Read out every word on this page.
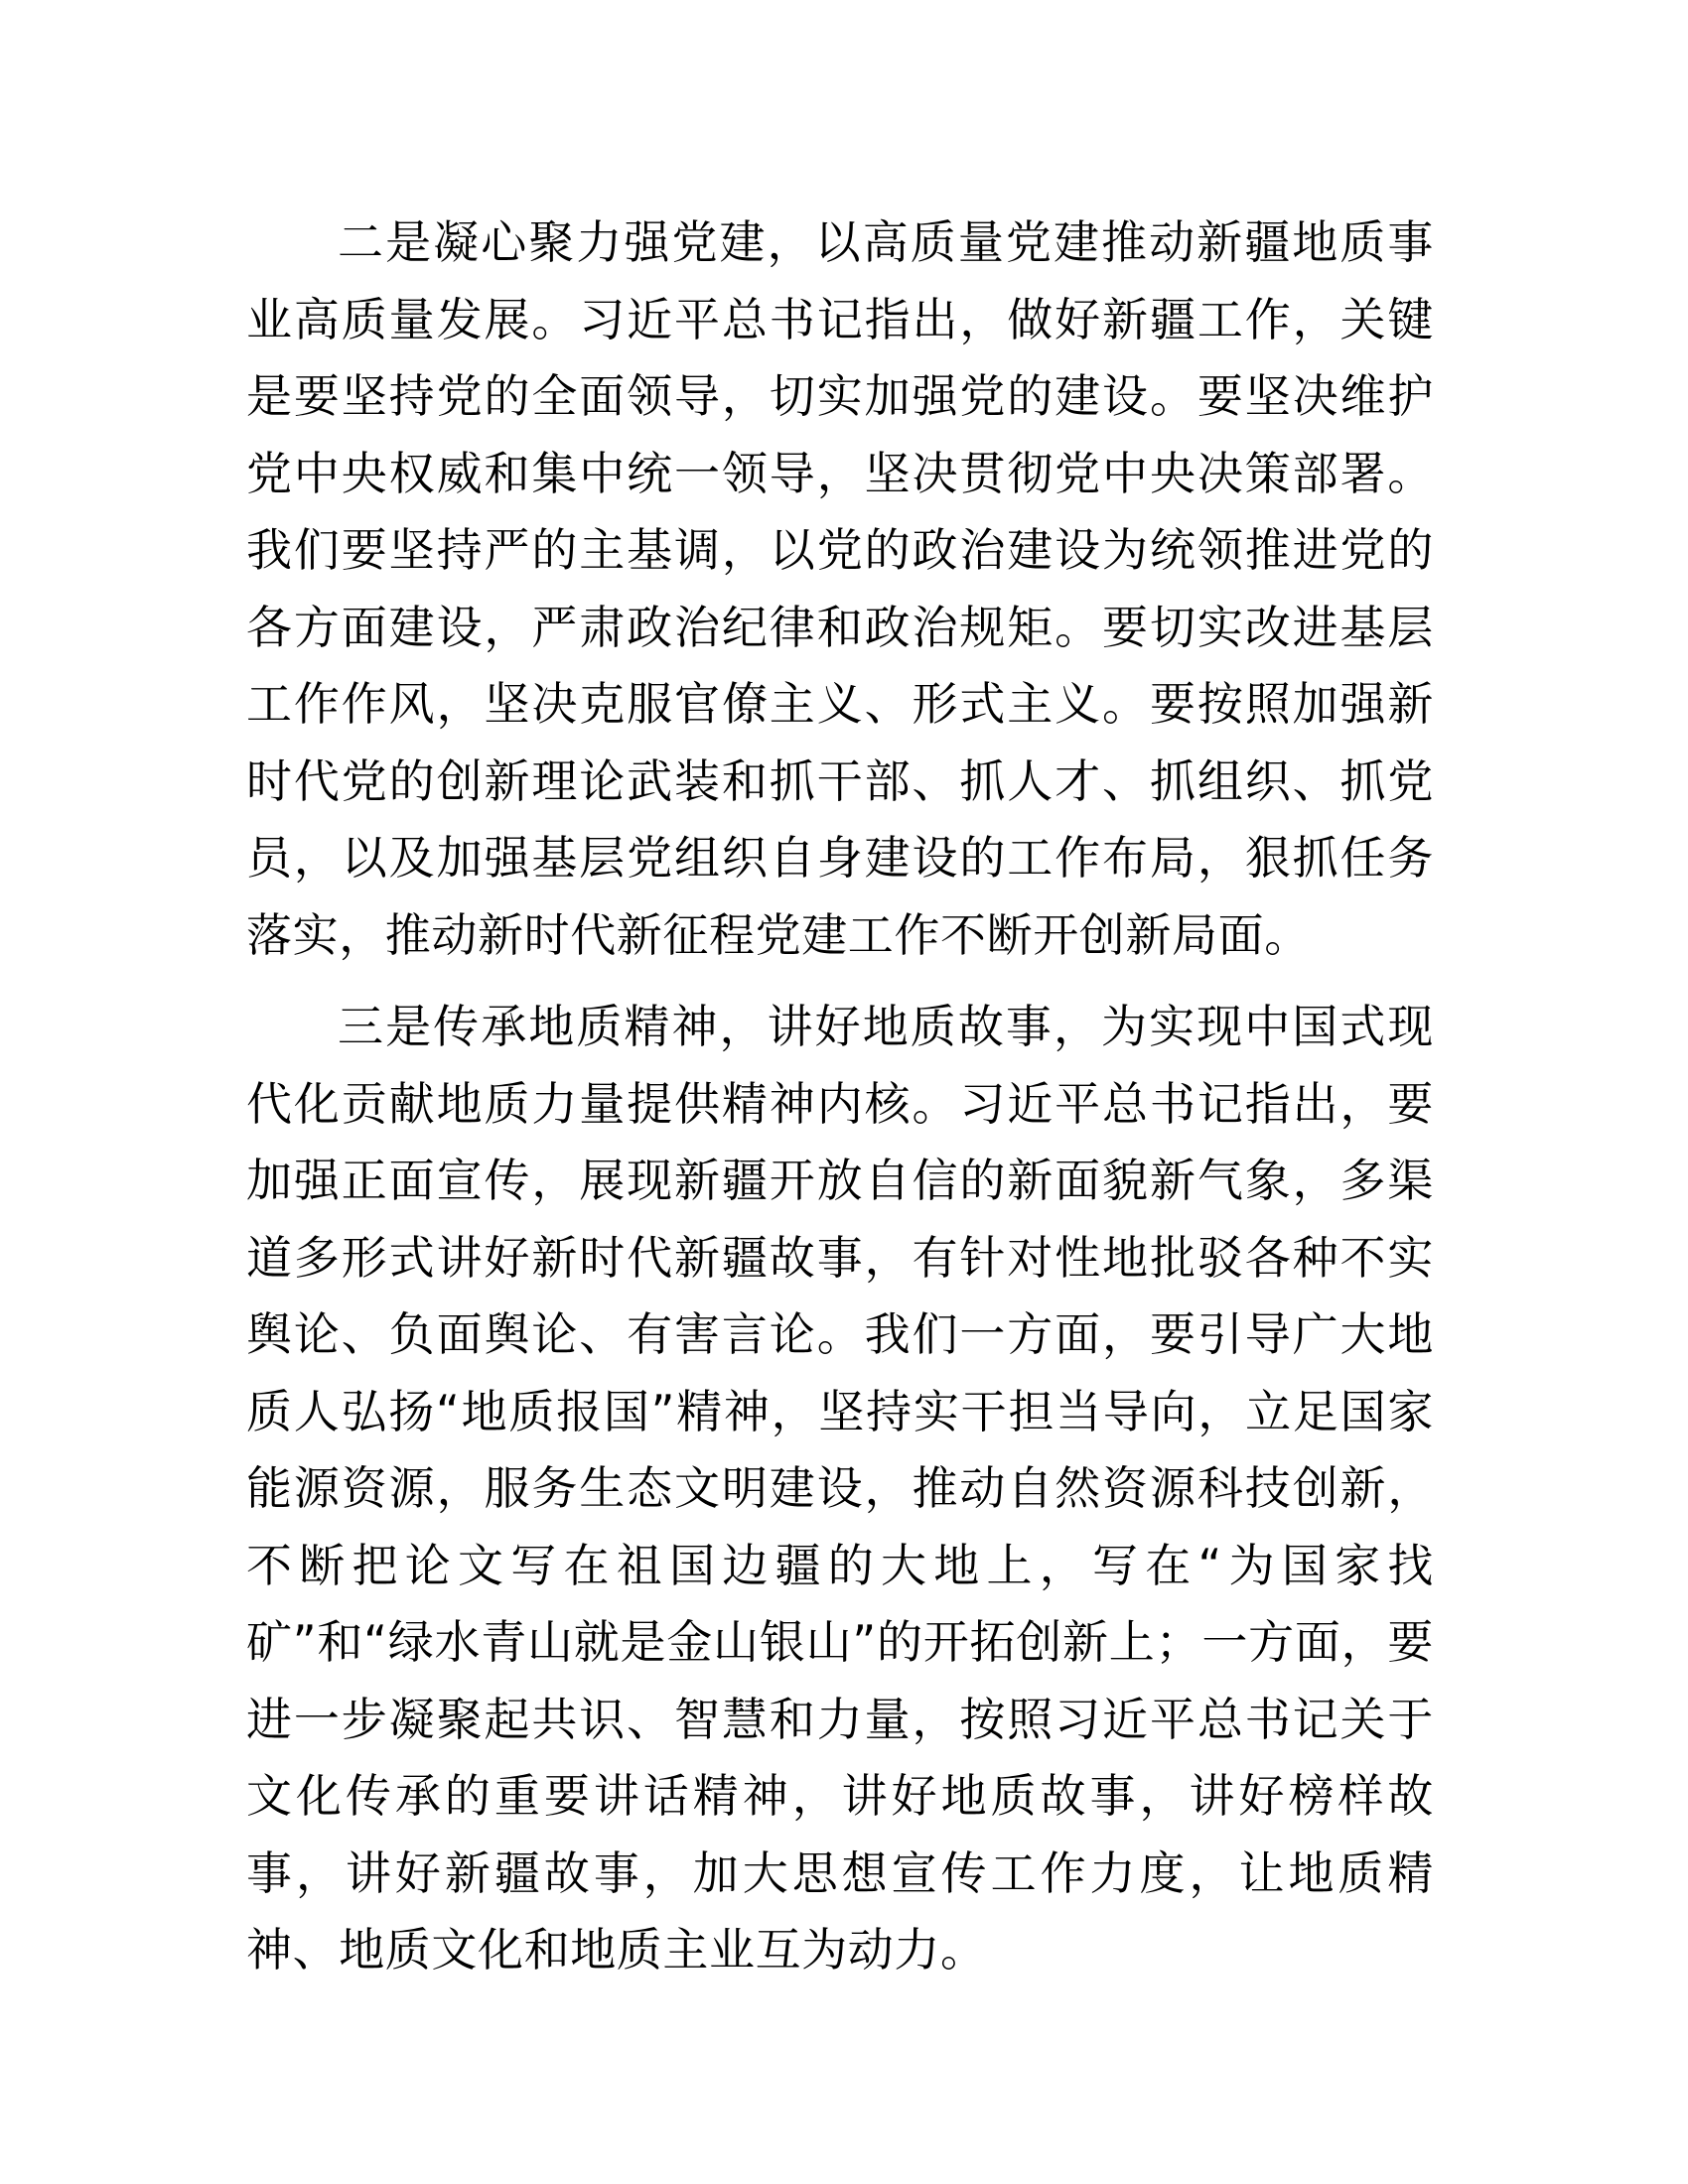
二是凝心聚力强党建，以高质量党建推动新疆地质事业高质量发展。习近平总书记指出，做好新疆工作，关键是要坚持党的全面领导，切实加强党的建设。要坚决维护党中央权威和集中统一领导，坚决贯彻党中央决策部署。我们要坚持严的主基调，以党的政治建设为统领推进党的各方面建设，严肃政治纪律和政治规矩。要切实改进基层工作作风，坚决克服官僚主义、形式主义。要按照加强新时代党的创新理论武装和抓干部、抓人才、抓组织、抓党员，以及加强基层党组织自身建设的工作布局，狠抓任务落实，推动新时代新征程党建工作不断开创新局面。

三是传承地质精神，讲好地质故事，为实现中国式现代化贡献地质力量提供精神内核。习近平总书记指出，要加强正面宣传，展现新疆开放自信的新面貌新气象，多渠道多形式讲好新时代新疆故事，有针对性地批驳各种不实舆论、负面舆论、有害言论。我们一方面，要引导广大地质人弘扬“地质报国”精神，坚持实干担当导向，立足国家能源资源，服务生态文明建设，推动自然资源科技创新，不断把论文写在祖国边疆的大地上，写在“为国家找矿”和“绿水青山就是金山银山”的开拓创新上；一方面，要进一步凝聚起共识、智慧和力量，按照习近平总书记关于文化传承的重要讲话精神，讲好地质故事，讲好榜样故事，讲好新疆故事，加大思想宣传工作力度，让地质精神、地质文化和地质主业互为动力。
